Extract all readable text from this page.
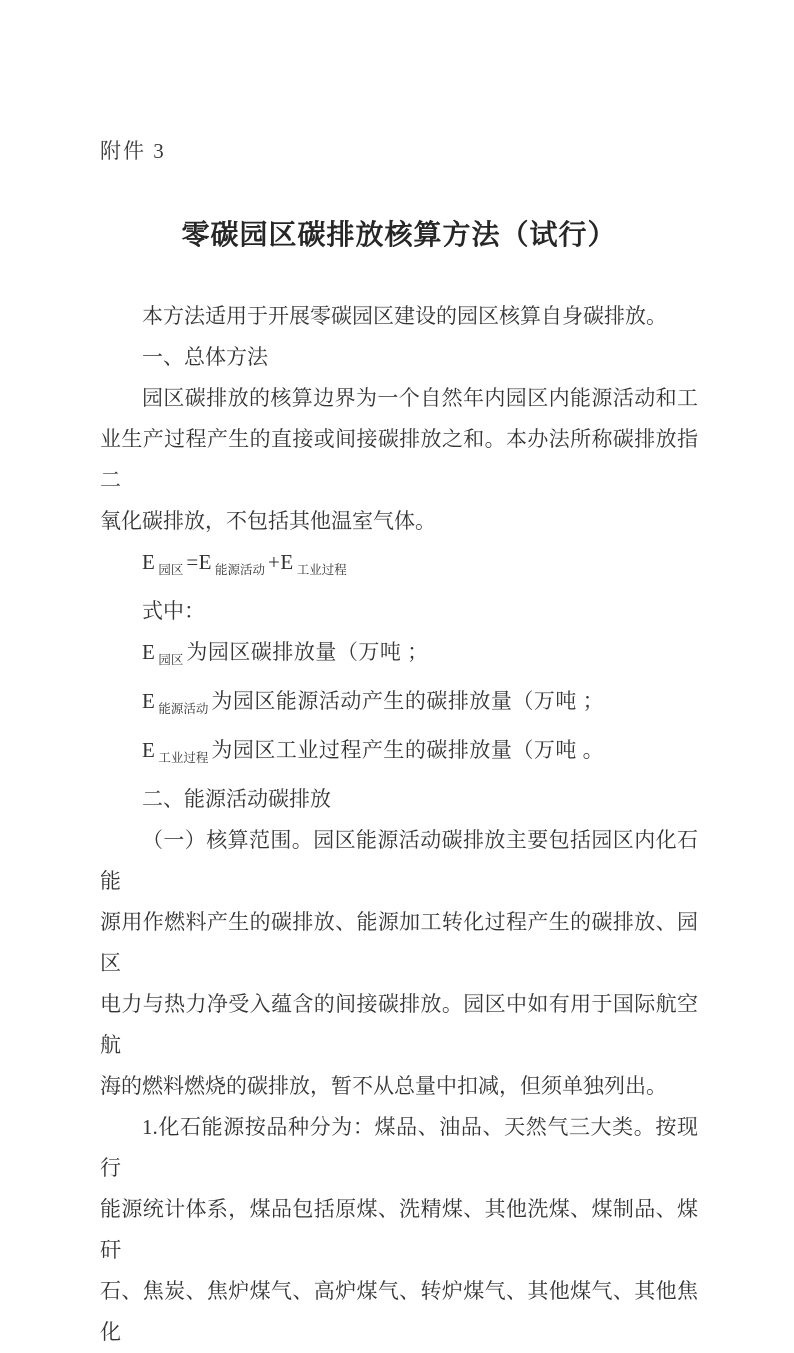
附件 3
零碳园区碳排放核算方法（试行）
本方法适用于开展零碳园区建设的园区核算自身碳排放。
一、总体方法
园区碳排放的核算边界为一个自然年内园区内能源活动和工
业生产过程产生的直接或间接碳排放之和。本办法所称碳排放指二
氧化碳排放，不包括其他温室气体。
E $_{园区}$ =E $_{能源活动}$ +E $_{工业过程}$
式中：
E $_{园区}$ 为园区碳排放量（万吨 ；
E $_{能源活动}$ 为园区能源活动产生的碳排放量（万吨 ；
E $_{工业过程}$ 为园区工业过程产生的碳排放量（万吨 。
二、能源活动碳排放
（一）核算范围。园区能源活动碳排放主要包括园区内化石能
源用作燃料产生的碳排放、能源加工转化过程产生的碳排放、园区
电力与热力净受入蕴含的间接碳排放。园区中如有用于国际航空航
海的燃料燃烧的碳排放，暂不从总量中扣减，但须单独列出。
1.化石能源按品种分为：煤品、油品、天然气三大类。按现行
能源统计体系，煤品包括原煤、洗精煤、其他洗煤、煤制品、煤矸
石、焦炭、焦炉煤气、高炉煤气、转炉煤气、其他煤气、其他焦化
